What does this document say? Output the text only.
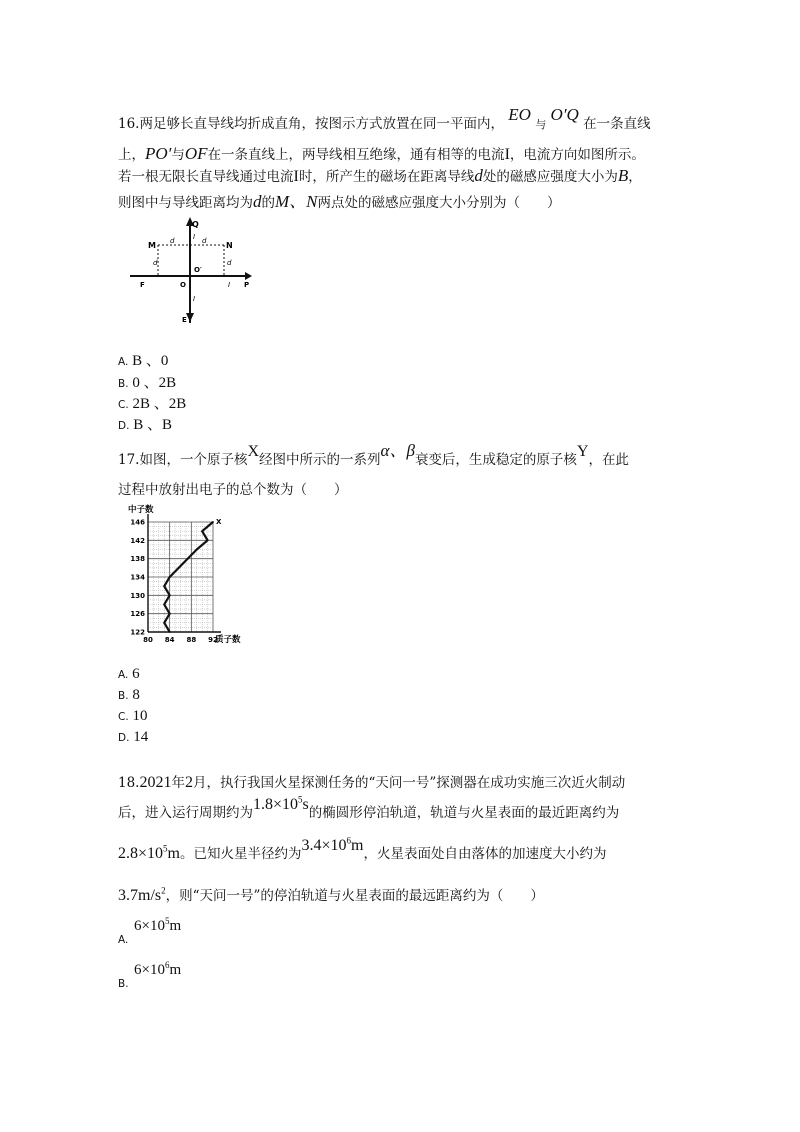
16.两足够长直导线均折成直角，按图示方式放置在同一平面内， EO 与 O′Q 在一条直线
上，PO′与OF在一条直线上，两导线相互绝缘，通有相等的电流I，电流方向如图所示。
若一根无限长直导线通过电流I时，所产生的磁场在距离导线d处的磁感应强度大小为B，
则图中与导线距离均为d的M、N两点处的磁感应强度大小分别为（　　）
Q
M	N
d	d
d	d
I
O′
O
F	I P
I
E
A. B 、0
B. 0 、2B
C. 2B 、2B
D. B 、B
17.如图，一个原子核X经图中所示的一系列α、β衰变后，生成稳定的原子核Y，在此
过程中放射出电子的总个数为（　　）
80 84 88 92
122
126
130
134
138
142
146
中子数
质子数
X
A. 6
B. 8
C. 10
D. 14
18.2021年2月，执行我国火星探测任务的“天问一号”探测器在成功实施三次近火制动
后，进入运行周期约为$1.8\times 10^5s$的椭圆形停泊轨道，轨道与火星表面的最近距离约为
$2.8\times 10^5m$。已知火星半径约为$3.4\times 10^6m$，火星表面处自由落体的加速度大小约为
$3.7m/s^2$，则“天问一号”的停泊轨道与火星表面的最远距离约为（　　）
$6\times 10^5m$
A.
$6\times 10^6m$
B.
